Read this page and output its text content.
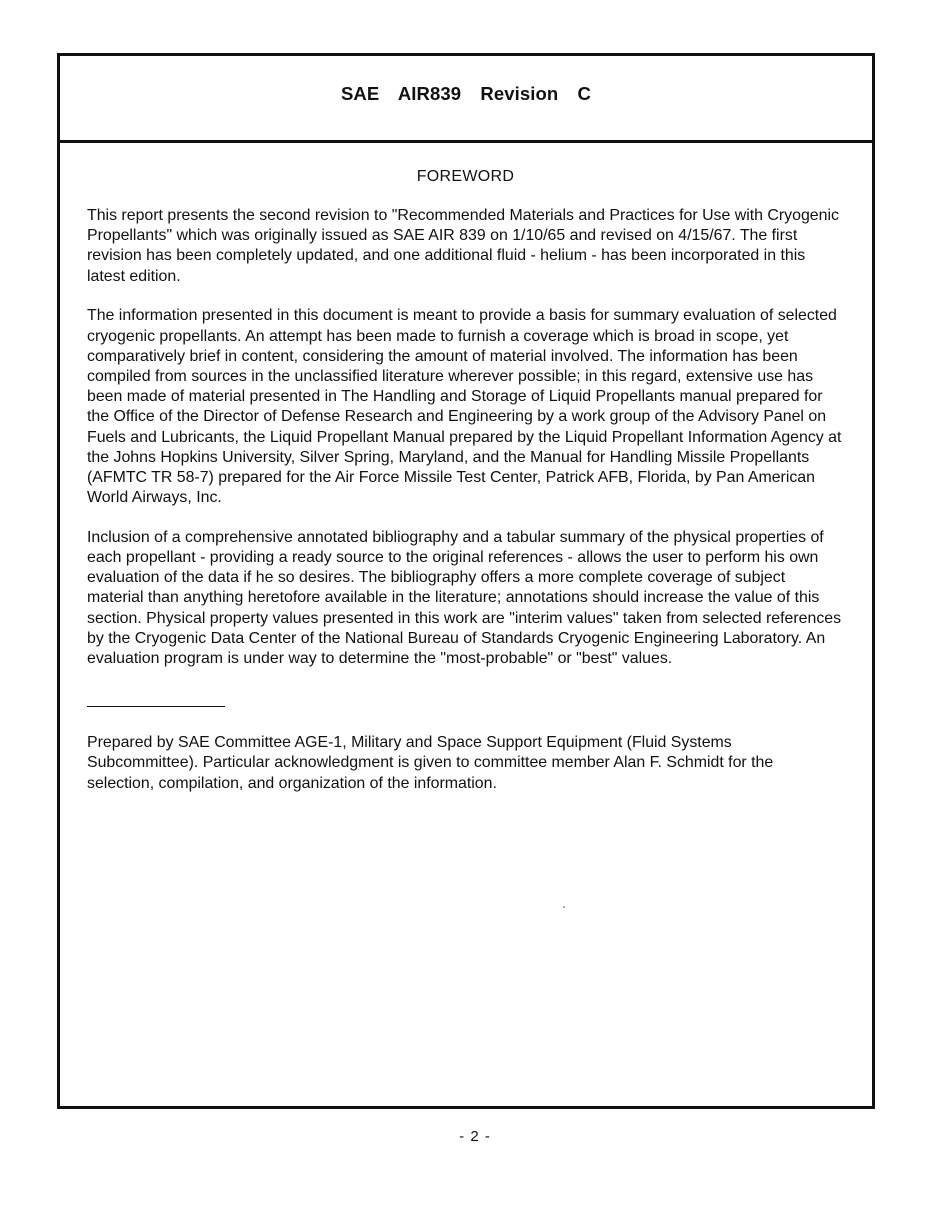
SAE AIR839 Revision C
FOREWORD

This report presents the second revision to "Recommended Materials and Practices for Use with Cryogenic Propellants" which was originally issued as SAE AIR 839 on 1/10/65 and revised on 4/15/67. The first revision has been completely updated, and one additional fluid - helium - has been incorporated in this latest edition.

The information presented in this document is meant to provide a basis for summary evaluation of selected cryogenic propellants. An attempt has been made to furnish a coverage which is broad in scope, yet comparatively brief in content, considering the amount of material involved. The information has been compiled from sources in the unclassified literature wherever possible; in this regard, extensive use has been made of material presented in The Handling and Storage of Liquid Propellants manual prepared for the Office of the Director of Defense Research and Engineering by a work group of the Advisory Panel on Fuels and Lubricants, the Liquid Propellant Manual prepared by the Liquid Propellant Information Agency at the Johns Hopkins University, Silver Spring, Maryland, and the Manual for Handling Missile Propellants (AFMTC TR 58-7) prepared for the Air Force Missile Test Center, Patrick AFB, Florida, by Pan American World Airways, Inc.

Inclusion of a comprehensive annotated bibliography and a tabular summary of the physical properties of each propellant - providing a ready source to the original references - allows the user to perform his own evaluation of the data if he so desires. The bibliography offers a more complete coverage of subject material than anything heretofore available in the literature; annotations should increase the value of this section. Physical property values presented in this work are "interim values" taken from selected references by the Cryogenic Data Center of the National Bureau of Standards Cryogenic Engineering Laboratory. An evaluation program is under way to determine the "most-probable" or "best" values.

Prepared by SAE Committee AGE-1, Military and Space Support Equipment (Fluid Systems Subcommittee). Particular acknowledgment is given to committee member Alan F. Schmidt for the selection, compilation, and organization of the information.

- 2 -
